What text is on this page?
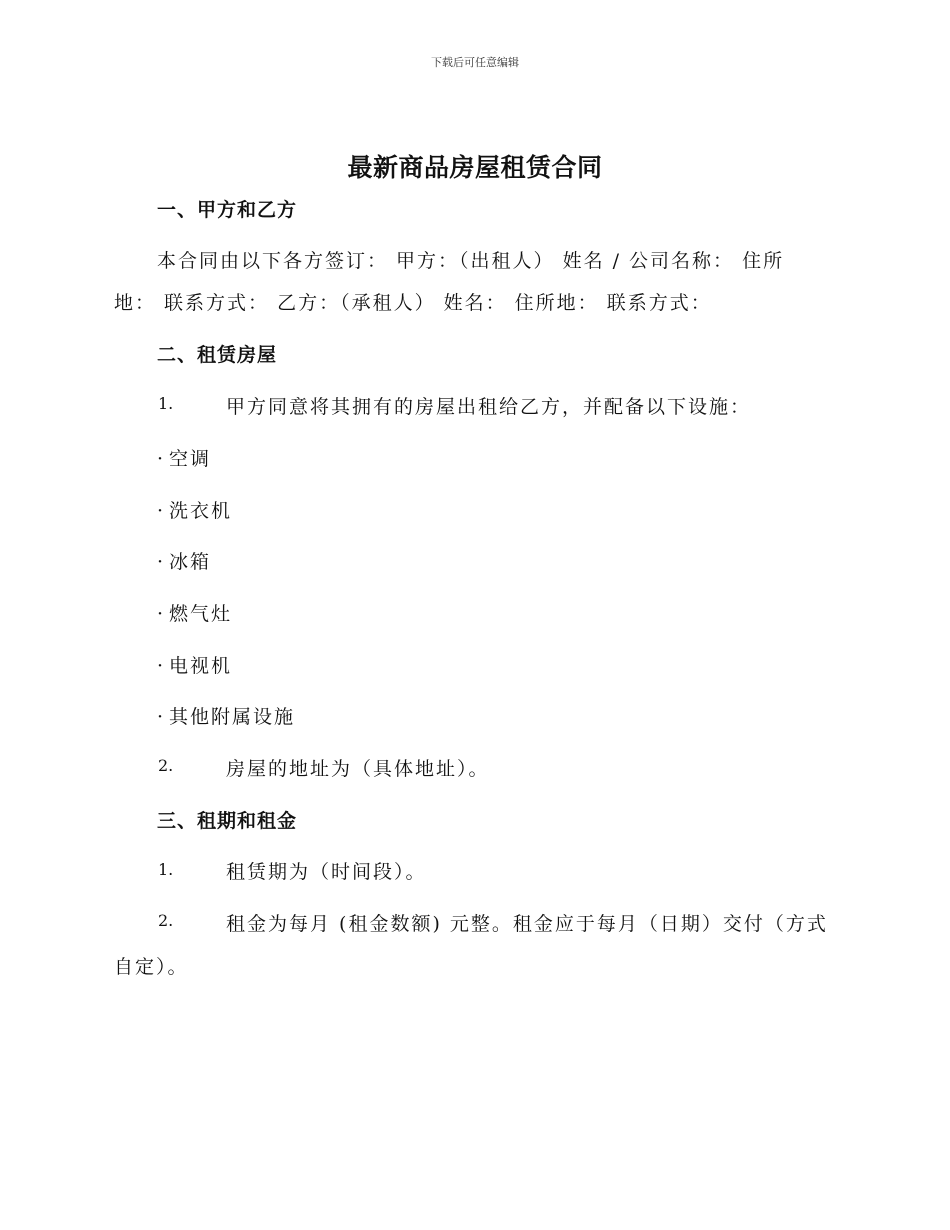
下载后可任意编辑
最新商品房屋租赁合同
一、甲方和乙方
本合同由以下各方签订： 甲方：（出租人） 姓名 / 公司名称： 住所
地： 联系方式： 乙方：（承租人） 姓名： 住所地： 联系方式：
二、租赁房屋
1.	甲方同意将其拥有的房屋出租给乙方，并配备以下设施：
· 空调
· 洗衣机
· 冰箱
· 燃气灶
· 电视机
· 其他附属设施
2.	房屋的地址为（具体地址）。
三、租期和租金
1.	租赁期为（时间段）。
2.	租金为每月 (租金数额) 元整。租金应于每月（日期）交付（方式
自定）。
